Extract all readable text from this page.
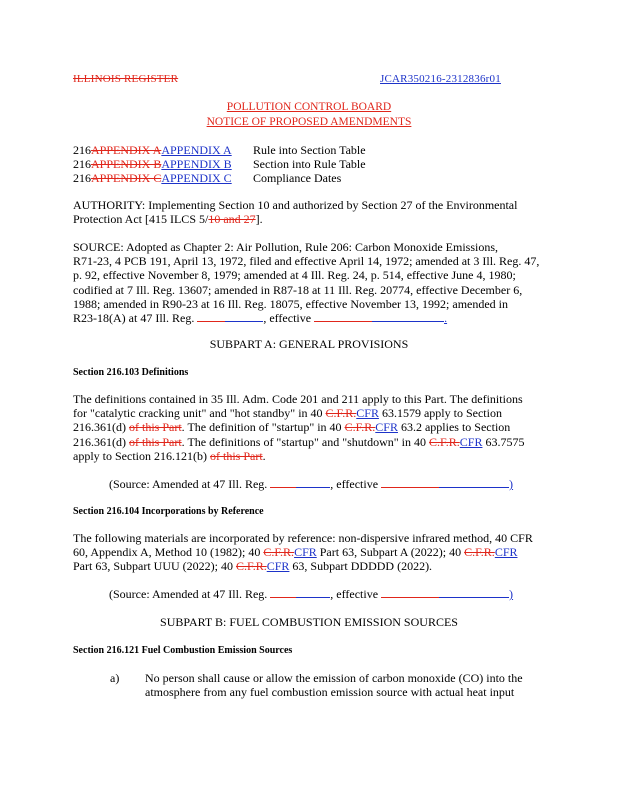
ILLINOIS REGISTER	JCAR350216-2312836r01
POLLUTION CONTROL BOARD
NOTICE OF PROPOSED AMENDMENTS
216APPENDIX AAPPENDIX A Rule into Section Table
216APPENDIX BAPPENDIX B Section into Rule Table
216APPENDIX CAPPENDIX C Compliance Dates
AUTHORITY: Implementing Section 10 and authorized by Section 27 of the Environmental
Protection Act [415 ILCS 5/10 and 27].
SOURCE: Adopted as Chapter 2: Air Pollution, Rule 206: Carbon Monoxide Emissions,
R71-23, 4 PCB 191, April 13, 1972, filed and effective April 14, 1972; amended at 3 Ill. Reg. 47,
p. 92, effective November 8, 1979; amended at 4 Ill. Reg. 24, p. 514, effective June 4, 1980;
codified at 7 Ill. Reg. 13607; amended in R87-18 at 11 Ill. Reg. 20774, effective December 6,
1988; amended in R90-23 at 16 Ill. Reg. 18075, effective November 13, 1992; amended in
R23-18(A) at 47 Ill. Reg.	, effective	.
SUBPART A: GENERAL PROVISIONS
Section 216.103 Definitions
The definitions contained in 35 Ill. Adm. Code 201 and 211 apply to this Part. The definitions
for "catalytic cracking unit" and "hot standby" in 40 C.F.R.CFR 63.1579 apply to Section
216.361(d) of this Part. The definition of "startup" in 40 C.F.R.CFR 63.2 applies to Section
216.361(d) of this Part. The definitions of "startup" and "shutdown" in 40 C.F.R.CFR 63.7575
apply to Section 216.121(b) of this Part.
(Source: Amended at 47 Ill. Reg.	, effective	)
Section 216.104 Incorporations by Reference
The following materials are incorporated by reference: non-dispersive infrared method, 40 CFR
60, Appendix A, Method 10 (1982); 40 C.F.R.CFR Part 63, Subpart A (2022); 40 C.F.R.CFR
Part 63, Subpart UUU (2022); 40 C.F.R.CFR 63, Subpart DDDDD (2022).
(Source: Amended at 47 Ill. Reg.	, effective	)
SUBPART B: FUEL COMBUSTION EMISSION SOURCES
Section 216.121 Fuel Combustion Emission Sources
a) No person shall cause or allow the emission of carbon monoxide (CO) into the
atmosphere from any fuel combustion emission source with actual heat input
